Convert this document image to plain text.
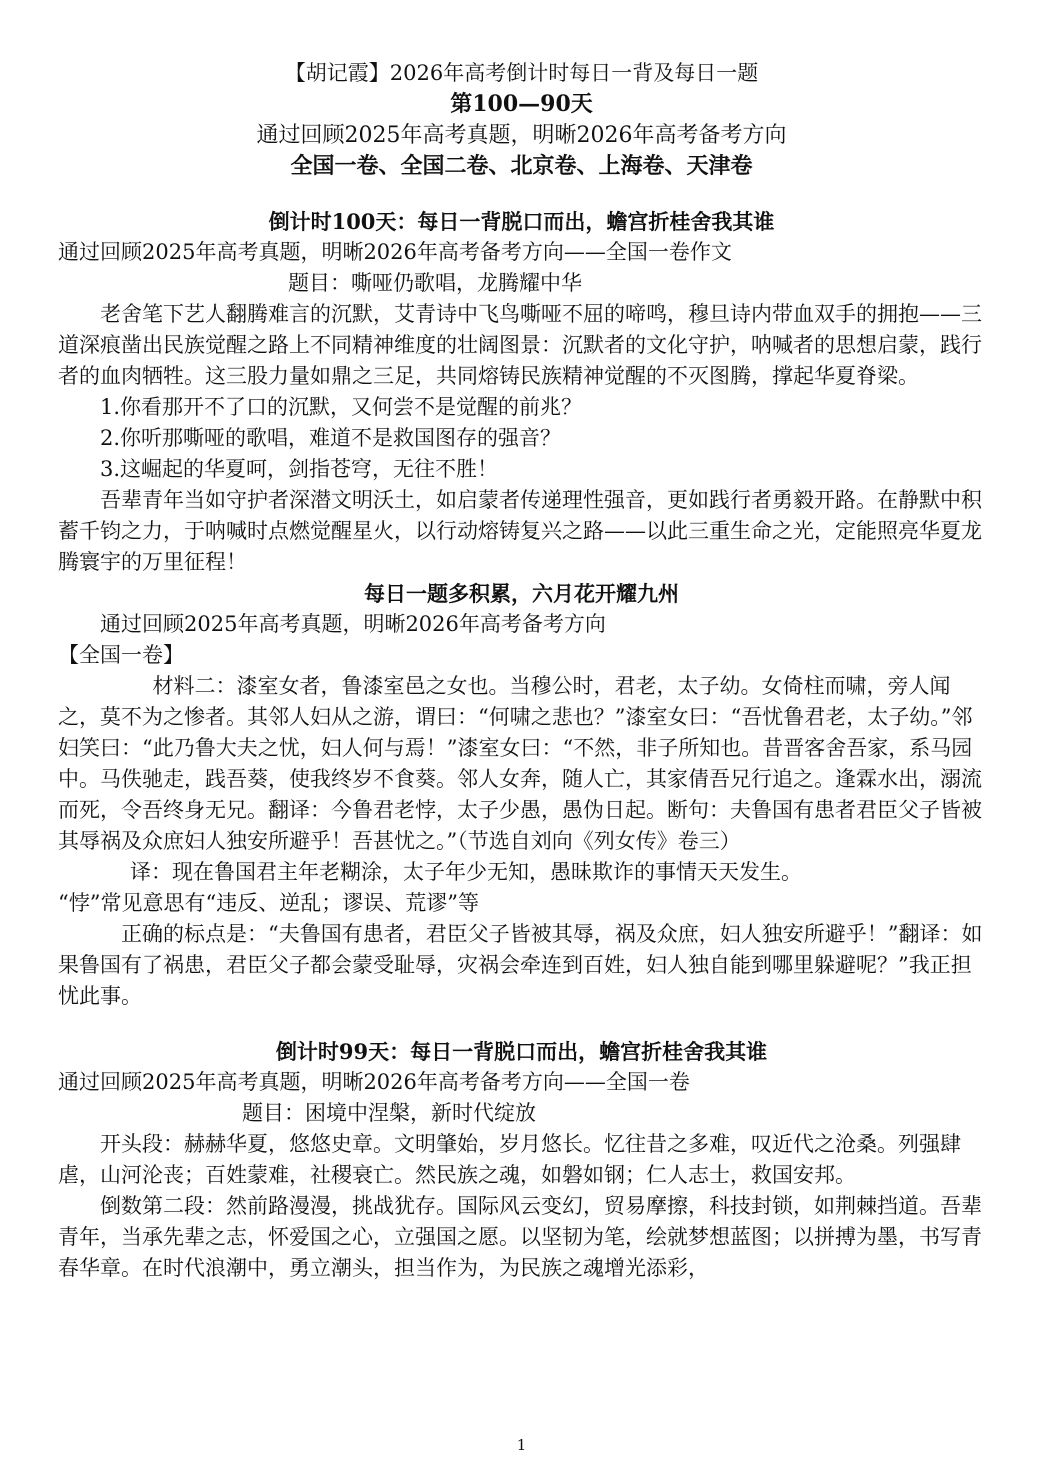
【胡记霞】2026年高考倒计时每日一背及每日一题

第100—90天

通过回顾2025年高考真题，明晰2026年高考备考方向

全国一卷、全国二卷、北京卷、上海卷、天津卷

倒计时100天：每日一背脱口而出，蟾宫折桂舍我其谁

通过回顾2025年高考真题，明晰2026年高考备考方向——全国一卷作文

题目：嘶哑仍歌唱，龙腾耀中华

老舍笔下艺人翻腾难言的沉默，艾青诗中飞鸟嘶哑不屈的啼鸣，穆旦诗内带血双手的拥抱——三道深痕凿出民族觉醒之路上不同精神维度的壮阔图景：沉默者的文化守护，呐喊者的思想启蒙，践行者的血肉牺牲。这三股力量如鼎之三足，共同熔铸民族精神觉醒的不灭图腾，撑起华夏脊梁。

1.你看那开不了口的沉默，又何尝不是觉醒的前兆？

2.你听那嘶哑的歌唱，难道不是救国图存的强音？

3.这崛起的华夏呵，剑指苍穹，无往不胜！

吾辈青年当如守护者深潜文明沃土，如启蒙者传递理性强音，更如践行者勇毅开路。在静默中积蓄千钧之力，于呐喊时点燃觉醒星火，以行动熔铸复兴之路——以此三重生命之光，定能照亮华夏龙腾寰宇的万里征程！

每日一题多积累，六月花开耀九州

通过回顾2025年高考真题，明晰2026年高考备考方向

【全国一卷】

材料二：漆室女者，鲁漆室邑之女也。当穆公时，君老，太子幼。女倚柱而啸，旁人闻之，莫不为之惨者。其邻人妇从之游，谓曰：“何啸之悲也？”漆室女曰：“吾忧鲁君老，太子幼。”邻妇笑曰：“此乃鲁大夫之忧，妇人何与焉！”漆室女曰：“不然，非子所知也。昔晋客舍吾家，系马园中。马佚驰走，践吾葵，使我终岁不食葵。邻人女奔，随人亡，其家倩吾兄行追之。逢霖水出，溺流而死，令吾终身无兄。翻译：今鲁君老悖，太子少愚，愚伪日起。断句：夫鲁国有患者君臣父子皆被其辱祸及众庶妇人独安所避乎！吾甚忧之。”（节选自刘向《列女传》卷三）

译：现在鲁国君主年老糊涂，太子年少无知，愚昧欺诈的事情天天发生。

“悖”常见意思有“违反、逆乱；谬误、荒谬”等

正确的标点是：“夫鲁国有患者，君臣父子皆被其辱，祸及众庶，妇人独安所避乎！”翻译：如果鲁国有了祸患，君臣父子都会蒙受耻辱，灾祸会牵连到百姓，妇人独自能到哪里躲避呢？”我正担忧此事。

倒计时99天：每日一背脱口而出，蟾宫折桂舍我其谁

通过回顾2025年高考真题，明晰2026年高考备考方向——全国一卷

题目：困境中涅槃，新时代绽放

开头段：赫赫华夏，悠悠史章。文明肇始，岁月悠长。忆往昔之多难，叹近代之沧桑。列强肆虐，山河沦丧；百姓蒙难，社稷衰亡。然民族之魂，如磐如钢；仁人志士，救国安邦。

倒数第二段：然前路漫漫，挑战犹存。国际风云变幻，贸易摩擦，科技封锁，如荆棘挡道。吾辈青年，当承先辈之志，怀爱国之心，立强国之愿。以坚韧为笔，绘就梦想蓝图；以拼搏为墨，书写青春华章。在时代浪潮中，勇立潮头，担当作为，为民族之魂增光添彩，

1
